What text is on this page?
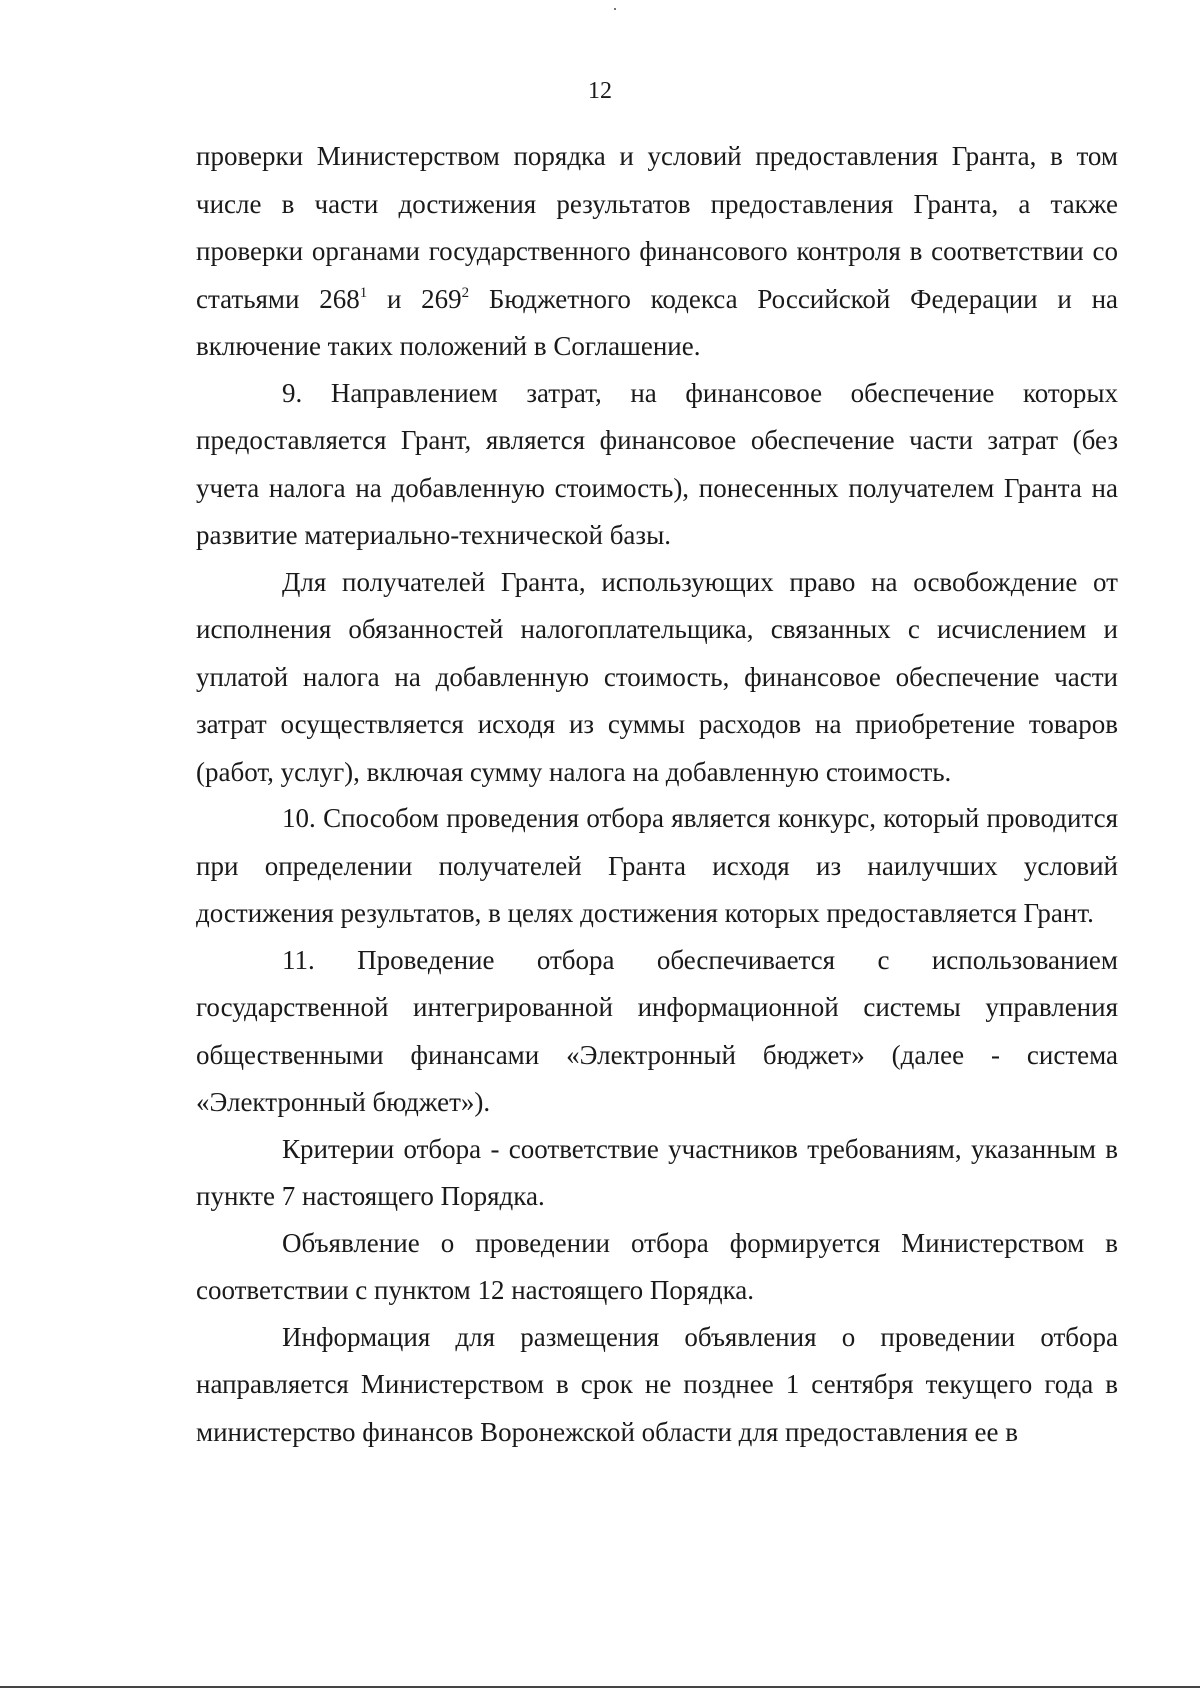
12

проверки Министерством порядка и условий предоставления Гранта, в том числе в части достижения результатов предоставления Гранта, а также проверки органами государственного финансового контроля в соответствии со статьями $268^1$ и $269^2$ Бюджетного кодекса Российской Федерации и на включение таких положений в Соглашение.

9. Направлением затрат, на финансовое обеспечение которых предоставляется Грант, является финансовое обеспечение части затрат (без учета налога на добавленную стоимость), понесенных получателем Гранта на развитие материально-технической базы.

Для получателей Гранта, использующих право на освобождение от исполнения обязанностей налогоплательщика, связанных с исчислением и уплатой налога на добавленную стоимость, финансовое обеспечение части затрат осуществляется исходя из суммы расходов на приобретение товаров (работ, услуг), включая сумму налога на добавленную стоимость.

10. Способом проведения отбора является конкурс, который проводится при определении получателей Гранта исходя из наилучших условий достижения результатов, в целях достижения которых предоставляется Грант.

11. Проведение отбора обеспечивается с использованием государственной интегрированной информационной системы управления общественными финансами «Электронный бюджет» (далее - система «Электронный бюджет»).

Критерии отбора - соответствие участников требованиям, указанным в пункте 7 настоящего Порядка.

Объявление о проведении отбора формируется Министерством в соответствии с пунктом 12 настоящего Порядка.

Информация для размещения объявления о проведении отбора направляется Министерством в срок не позднее 1 сентября текущего года в министерство финансов Воронежской области для предоставления ее в
